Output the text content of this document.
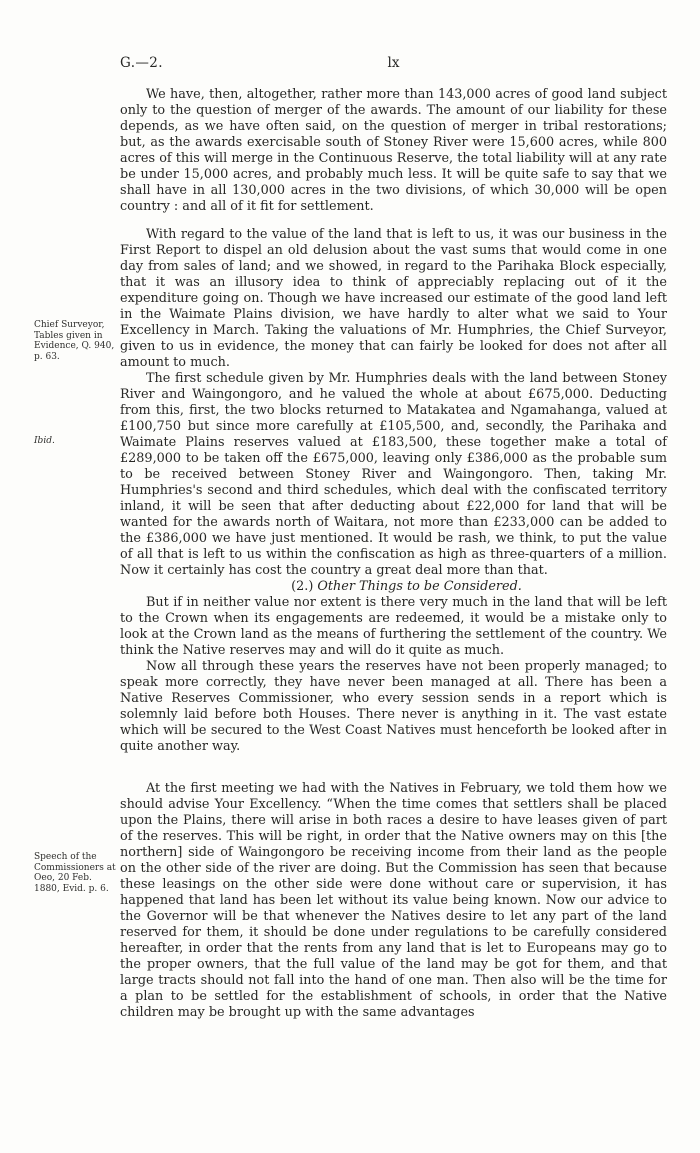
lx
G.—2.
Chief Surveyor, Tables given in Evidence, Q. 940, p. 63.
Ibid.
Speech of the Commissioners at Oeo, 20 Feb. 1880, Evid. p. 6.

We have, then, altogether, rather more than 143,000 acres of good land subject only to the question of merger of the awards. The amount of our liability for these depends, as we have often said, on the question of merger in tribal restorations; but, as the awards exercisable south of Stoney River were 15,600 acres, while 800 acres of this will merge in the Continuous Reserve, the total liability will at any rate be under 15,000 acres, and probably much less. It will be quite safe to say that we shall have in all 130,000 acres in the two divisions, of which 30,000 will be open country : and all of it fit for settlement.

With regard to the value of the land that is left to us, it was our business in the First Report to dispel an old delusion about the vast sums that would come in one day from sales of land; and we showed, in regard to the Parihaka Block especially, that it was an illusory idea to think of appreciably replacing out of it the expenditure going on. Though we have increased our estimate of the good land left in the Waimate Plains division, we have hardly to alter what we said to Your Excellency in March. Taking the valuations of Mr. Humphries, the Chief Surveyor, given to us in evidence, the money that can fairly be looked for does not after all amount to much.

The first schedule given by Mr. Humphries deals with the land between Stoney River and Waingongoro, and he valued the whole at about £675,000. Deducting from this, first, the two blocks returned to Matakatea and Ngamahanga, valued at £100,750 but since more carefully at £105,500, and, secondly, the Parihaka and Waimate Plains reserves valued at £183,500, these together make a total of £289,000 to be taken off the £675,000, leaving only £386,000 as the probable sum to be received between Stoney River and Waingongoro. Then, taking Mr. Humphries's second and third schedules, which deal with the confiscated territory inland, it will be seen that after deducting about £22,000 for land that will be wanted for the awards north of Waitara, not more than £233,000 can be added to the £386,000 we have just mentioned. It would be rash, we think, to put the value of all that is left to us within the confiscation as high as three-quarters of a million. Now it certainly has cost the country a great deal more than that.

(2.) Other Things to be Considered.

But if in neither value nor extent is there very much in the land that will be left to the Crown when its engagements are redeemed, it would be a mistake only to look at the Crown land as the means of furthering the settlement of the country. We think the Native reserves may and will do it quite as much.

Now all through these years the reserves have not been properly managed; to speak more correctly, they have never been managed at all. There has been a Native Reserves Commissioner, who every session sends in a report which is solemnly laid before both Houses. There never is anything in it. The vast estate which will be secured to the West Coast Natives must henceforth be looked after in quite another way.

At the first meeting we had with the Natives in February, we told them how we should advise Your Excellency. “When the time comes that settlers shall be placed upon the Plains, there will arise in both races a desire to have leases given of part of the reserves. This will be right, in order that the Native owners may on this [the northern] side of Waingongoro be receiving income from their land as the people on the other side of the river are doing. But the Commission has seen that because these leasings on the other side were done without care or supervision, it has happened that land has been let without its value being known. Now our advice to the Governor will be that whenever the Natives desire to let any part of the land reserved for them, it should be done under regulations to be carefully considered hereafter, in order that the rents from any land that is let to Europeans may go to the proper owners, that the full value of the land may be got for them, and that large tracts should not fall into the hand of one man. Then also will be the time for a plan to be settled for the establishment of schools, in order that the Native children may be brought up with the same advantages
